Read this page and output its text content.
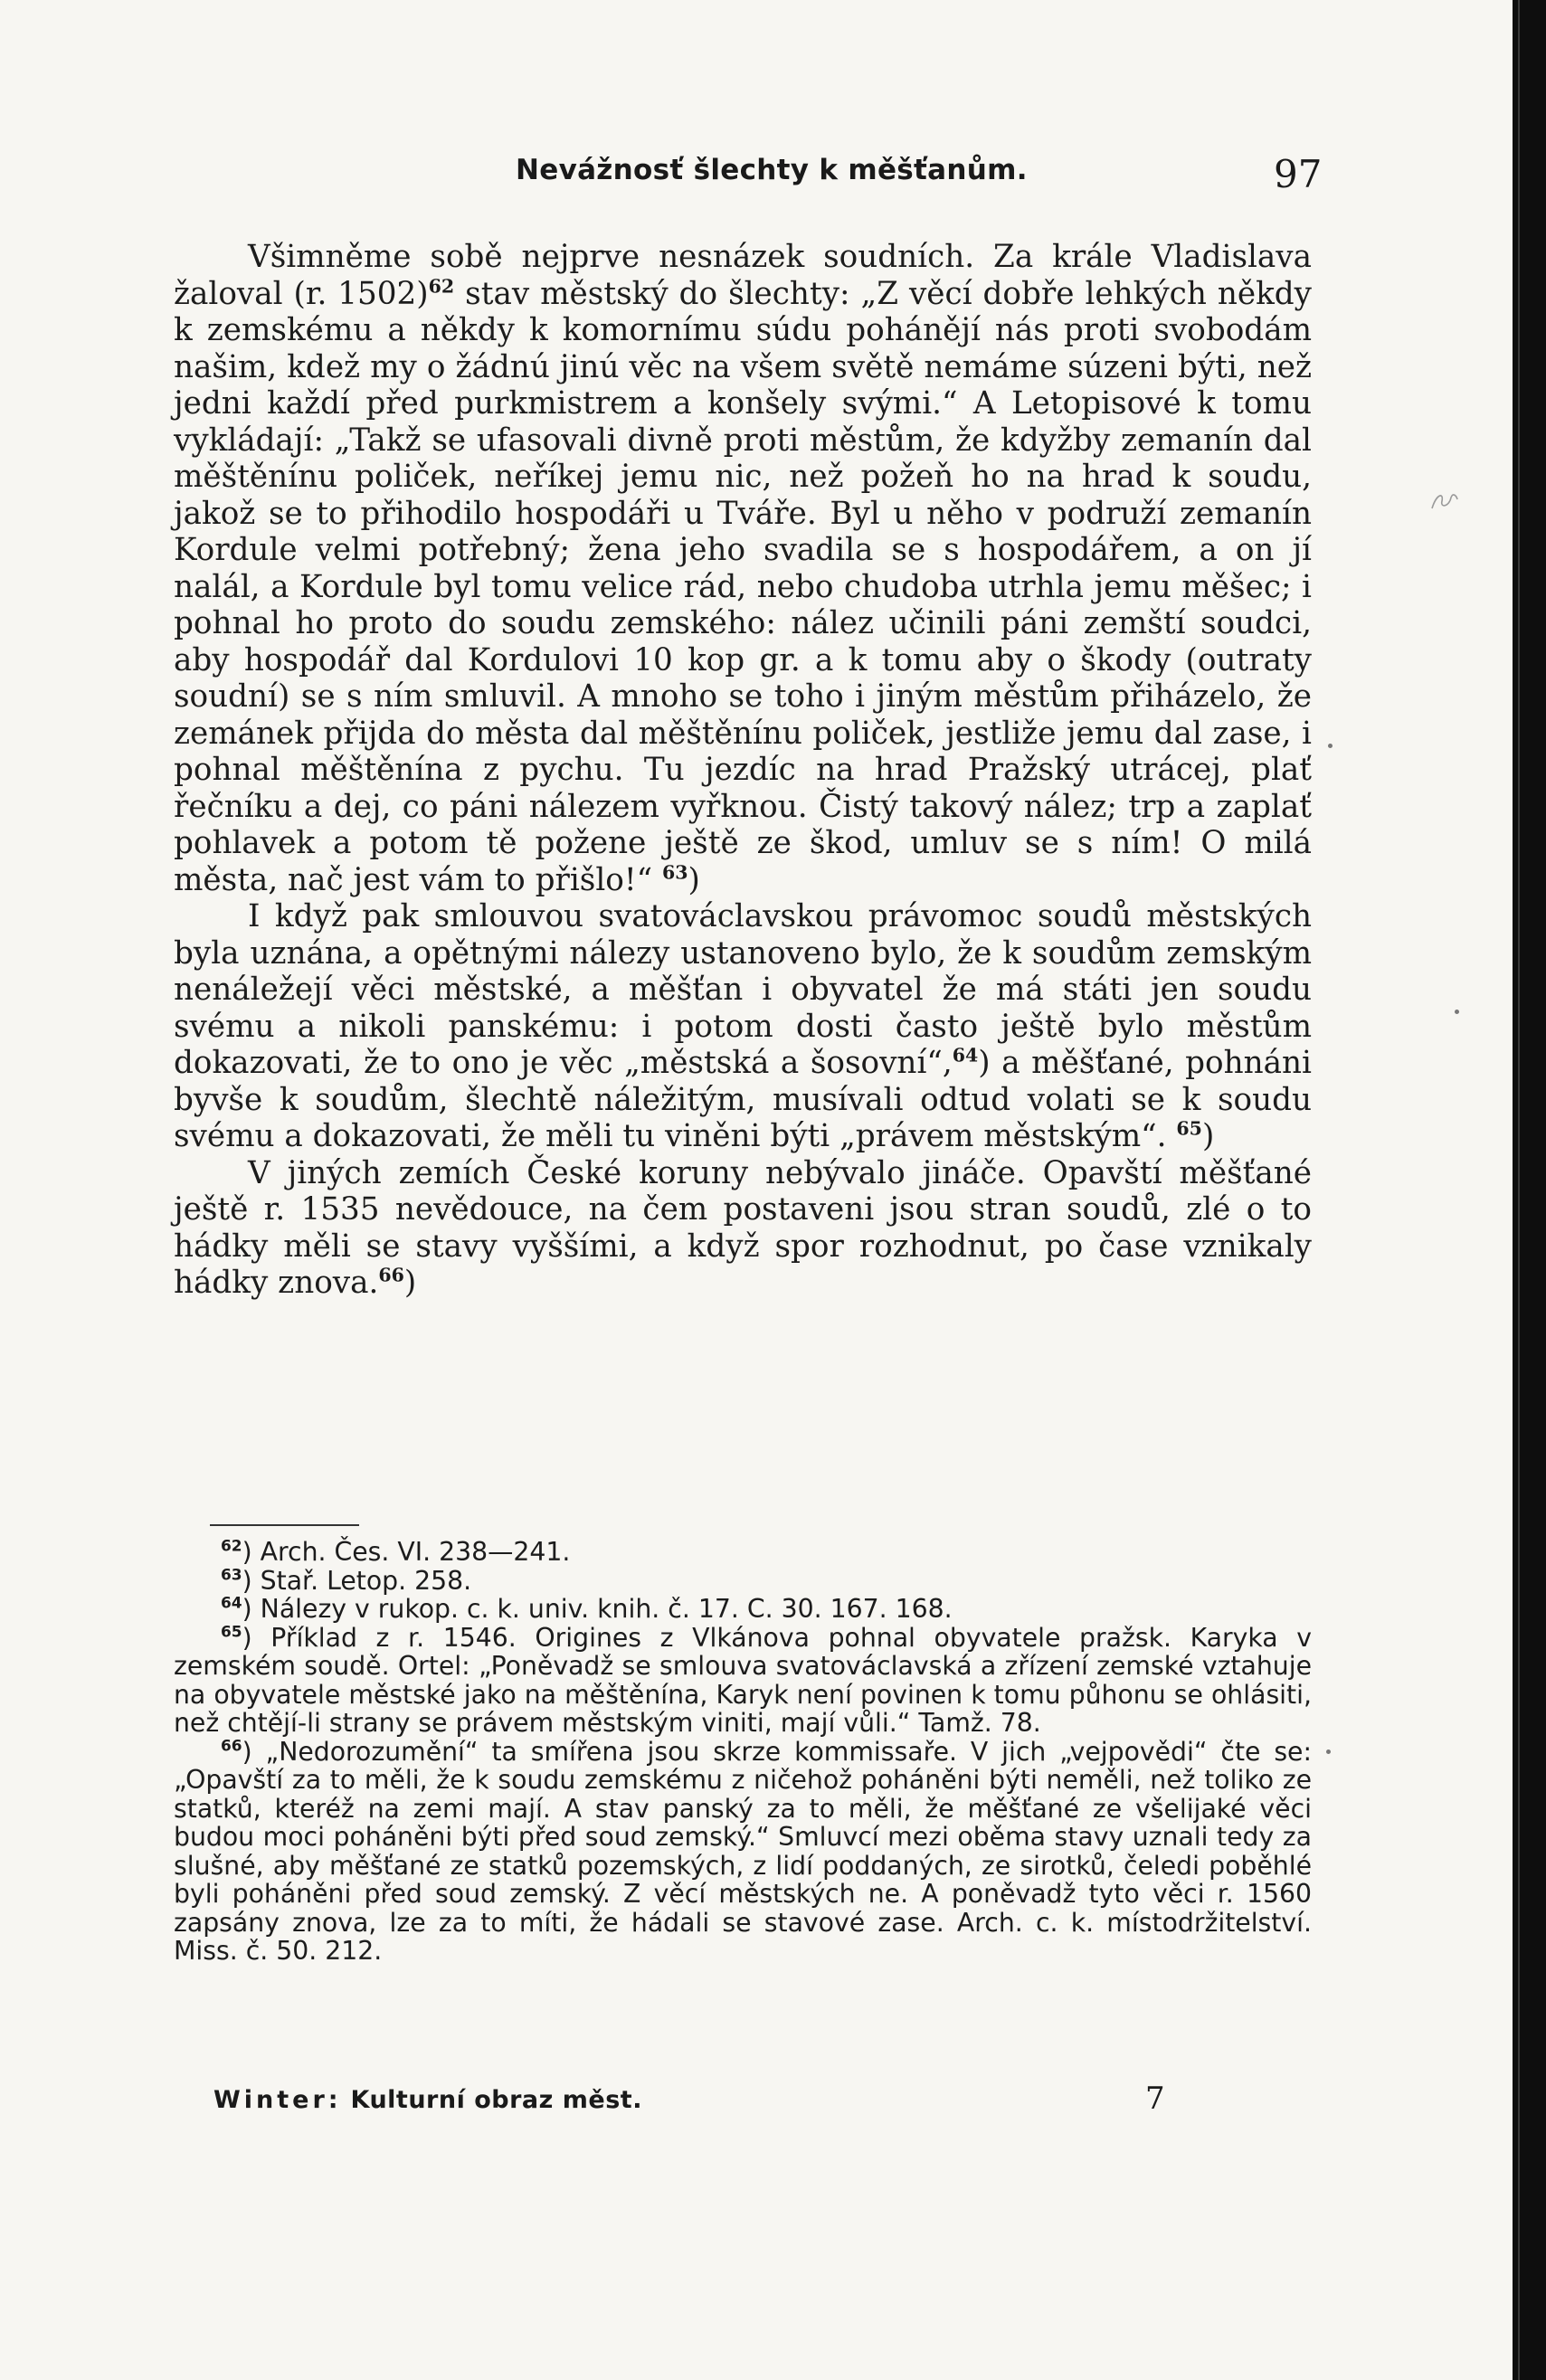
Nevážnosť šlechty k měšťanům.	97

Všimněme sobě nejprve nesnázek soudních. Za krále Vladislava žaloval (r. 1502)$^{62}$ stav městský do šlechty: „Z věcí dobře lehkých někdy k zemskému a někdy k komornímu súdu pohánějí nás proti svobodám našim, kdež my o žádnú jinú věc na všem světě nemáme súzeni býti, než jedni každí před purkmistrem a konšely svými.“ A Letopisové k tomu vykládají: „Takž se ufasovali divně proti městům, že kdyžby zemanín dal měštěnínu poliček, neříkej jemu nic, než požeň ho na hrad k soudu, jakož se to přihodilo hospodáři u Tváře. Byl u něho v podruží zemanín Kordule velmi potřebný; žena jeho svadila se s hospodářem, a on jí nalál, a Kordule byl tomu velice rád, nebo chudoba utrhla jemu měšec; i pohnal ho proto do soudu zemského: nález učinili páni zemští soudci, aby hospodář dal Kordulovi 10 kop gr. a k tomu aby o škody (outraty soudní) se s ním smluvil. A mnoho se toho i jiným městům přiházelo, že zemánek přijda do města dal měštěnínu poliček, jestliže jemu dal zase, i pohnal měštěnína z pychu. Tu jezdíc na hrad Pražský utrácej, plať řečníku a dej, co páni nálezem vyřknou. Čistý takový nález; trp a zaplať pohlavek a potom tě požene ještě ze škod, umluv se s ním! O milá města, nač jest vám to přišlo!“ $^{63}$)

I když pak smlouvou svatováclavskou právomoc soudů městských byla uznána, a opětnými nálezy ustanoveno bylo, že k soudům zemským nenáležejí věci městské, a měšťan i obyvatel že má státi jen soudu svému a nikoli panskému: i potom dosti často ještě bylo městům dokazovati, že to ono je věc „městská a šosovní“,$^{64}$) a měšťané, pohnáni byvše k soudům, šlechtě náležitým, musívali odtud volati se k soudu svému a dokazovati, že měli tu viněni býti „právem městským“. $^{65}$)

V jiných zemích České koruny nebývalo jináče. Opavští měšťané ještě r. 1535 nevědouce, na čem postaveni jsou stran soudů, zlé o to hádky měli se stavy vyššími, a když spor rozhodnut, po čase vznikaly hádky znova.$^{66}$)

$^{62}$) Arch. Čes. VI. 238—241.

$^{63}$) Stař. Letop. 258.

$^{64}$) Nálezy v rukop. c. k. univ. knih. č. 17. C. 30. 167. 168.

$^{65}$) Příklad z r. 1546. Origines z Vlkánova pohnal obyvatele pražsk. Karyka v zemském soudě. Ortel: „Poněvadž se smlouva svatováclavská a zřízení zemské vztahuje na obyvatele městské jako na měštěnína, Karyk není povinen k tomu půhonu se ohlásiti, než chtějí-li strany se právem městským viniti, mají vůli.“ Tamž. 78.

$^{66}$) „Nedorozumění“ ta smířena jsou skrze kommissaře. V jich „vejpovědi“ čte se: „Opavští za to měli, že k soudu zemskému z ničehož poháněni býti neměli, než toliko ze statků, kteréž na zemi mají. A stav panský za to měli, že měšťané ze všelijaké věci budou moci poháněni býti před soud zemský.“ Smluvcí mezi oběma stavy uznali tedy za slušné, aby měšťané ze statků pozemských, z lidí poddaných, ze sirotků, čeledi poběhlé byli poháněni před soud zemský. Z věcí městských ne. A poněvadž tyto věci r. 1560 zapsány znova, lze za to míti, že hádali se stavové zase. Arch. c. k. místodržitelství. Miss. č. 50. 212.

Winter: Kulturní obraz měst.	7
